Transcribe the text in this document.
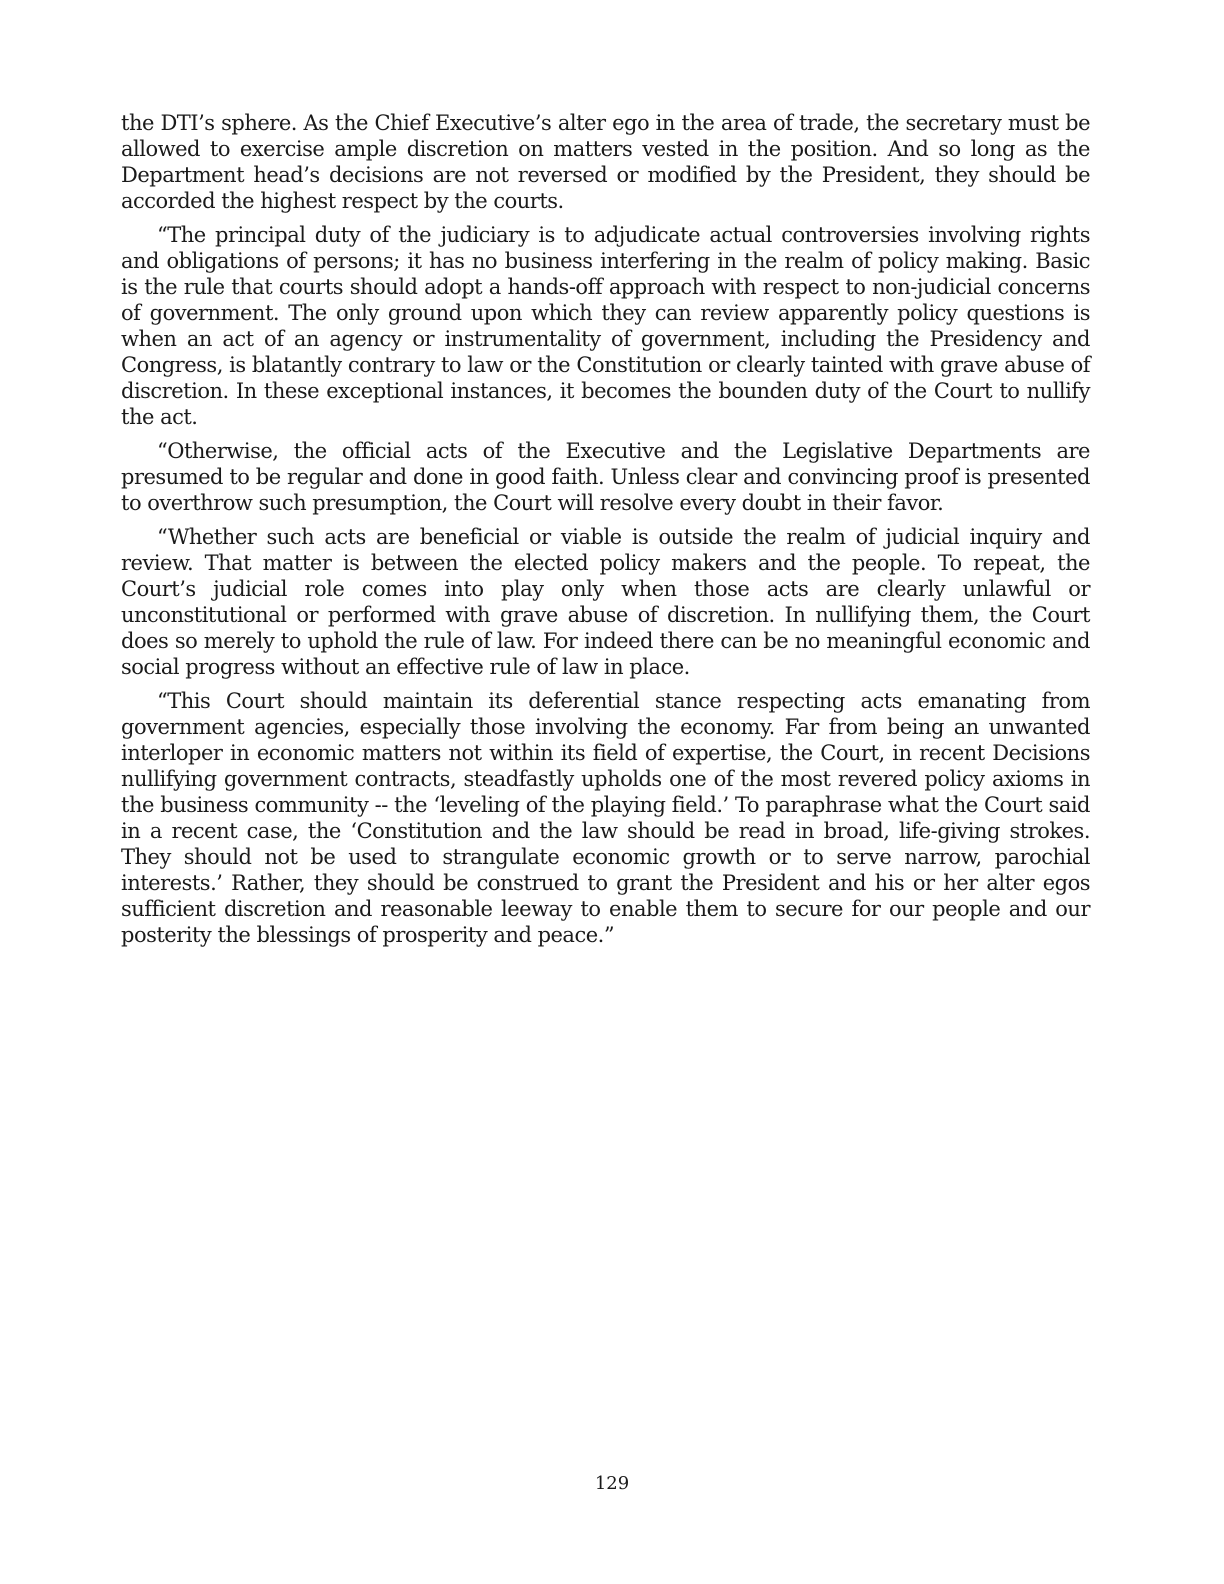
the DTI’s sphere. As the Chief Executive’s alter ego in the area of trade, the secretary must be allowed to exercise ample discretion on matters vested in the position. And so long as the Department head’s decisions are not reversed or modified by the President, they should be accorded the highest respect by the courts.

“The principal duty of the judiciary is to adjudicate actual controversies involving rights and obligations of persons; it has no business interfering in the realm of policy making. Basic is the rule that courts should adopt a hands-off approach with respect to non-judicial concerns of government. The only ground upon which they can review apparently policy questions is when an act of an agency or instrumentality of government, including the Presidency and Congress, is blatantly contrary to law or the Constitution or clearly tainted with grave abuse of discretion. In these exceptional instances, it becomes the bounden duty of the Court to nullify the act.

“Otherwise, the official acts of the Executive and the Legislative Departments are presumed to be regular and done in good faith. Unless clear and convincing proof is presented to overthrow such presumption, the Court will resolve every doubt in their favor.

“Whether such acts are beneficial or viable is outside the realm of judicial inquiry and review. That matter is between the elected policy makers and the people. To repeat, the Court’s judicial role comes into play only when those acts are clearly unlawful or unconstitutional or performed with grave abuse of discretion. In nullifying them, the Court does so merely to uphold the rule of law. For indeed there can be no meaningful economic and social progress without an effective rule of law in place.

“This Court should maintain its deferential stance respecting acts emanating from government agencies, especially those involving the economy. Far from being an unwanted interloper in economic matters not within its field of expertise, the Court, in recent Decisions nullifying government contracts, steadfastly upholds one of the most revered policy axioms in the business community -- the ‘leveling of the playing field.’ To paraphrase what the Court said in a recent case, the ‘Constitution and the law should be read in broad, life-giving strokes. They should not be used to strangulate economic growth or to serve narrow, parochial interests.’ Rather, they should be construed to grant the President and his or her alter egos sufficient discretion and reasonable leeway to enable them to secure for our people and our posterity the blessings of prosperity and peace.”

129
